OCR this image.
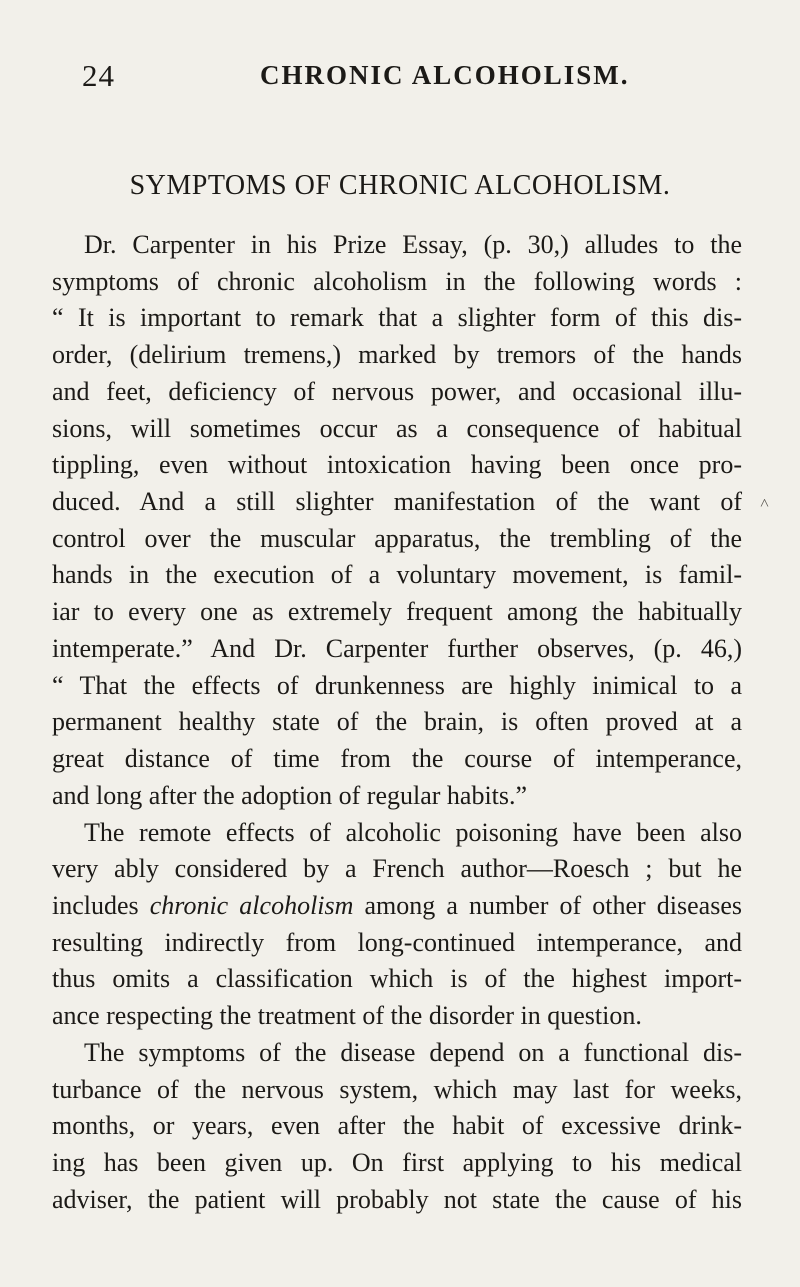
24	CHRONIC ALCOHOLISM.
SYMPTOMS OF CHRONIC ALCOHOLISM.
Dr. Carpenter in his Prize Essay, (p. 30,) alludes to the
symptoms of chronic alcoholism in the following words :
“ It is important to remark that a slighter form of this dis-
order, (delirium tremens,) marked by tremors of the hands
and feet, deficiency of nervous power, and occasional illu-
sions, will sometimes occur as a consequence of habitual
tippling, even without intoxication having been once pro-
duced. And a still slighter manifestation of the want of
control over the muscular apparatus, the trembling of the
hands in the execution of a voluntary movement, is famil-
iar to every one as extremely frequent among the habitually
intemperate.” And Dr. Carpenter further observes, (p. 46,)
“ That the effects of drunkenness are highly inimical to a
permanent healthy state of the brain, is often proved at a
great distance of time from the course of intemperance,
and long after the adoption of regular habits.”
The remote effects of alcoholic poisoning have been also
very ably considered by a French author—Roesch ; but he
includes chronic alcoholism among a number of other diseases
resulting indirectly from long-continued intemperance, and
thus omits a classification which is of the highest import-
ance respecting the treatment of the disorder in question.
The symptoms of the disease depend on a functional dis-
turbance of the nervous system, which may last for weeks,
months, or years, even after the habit of excessive drink-
ing has been given up. On first applying to his medical
adviser, the patient will probably not state the cause of his
˄
